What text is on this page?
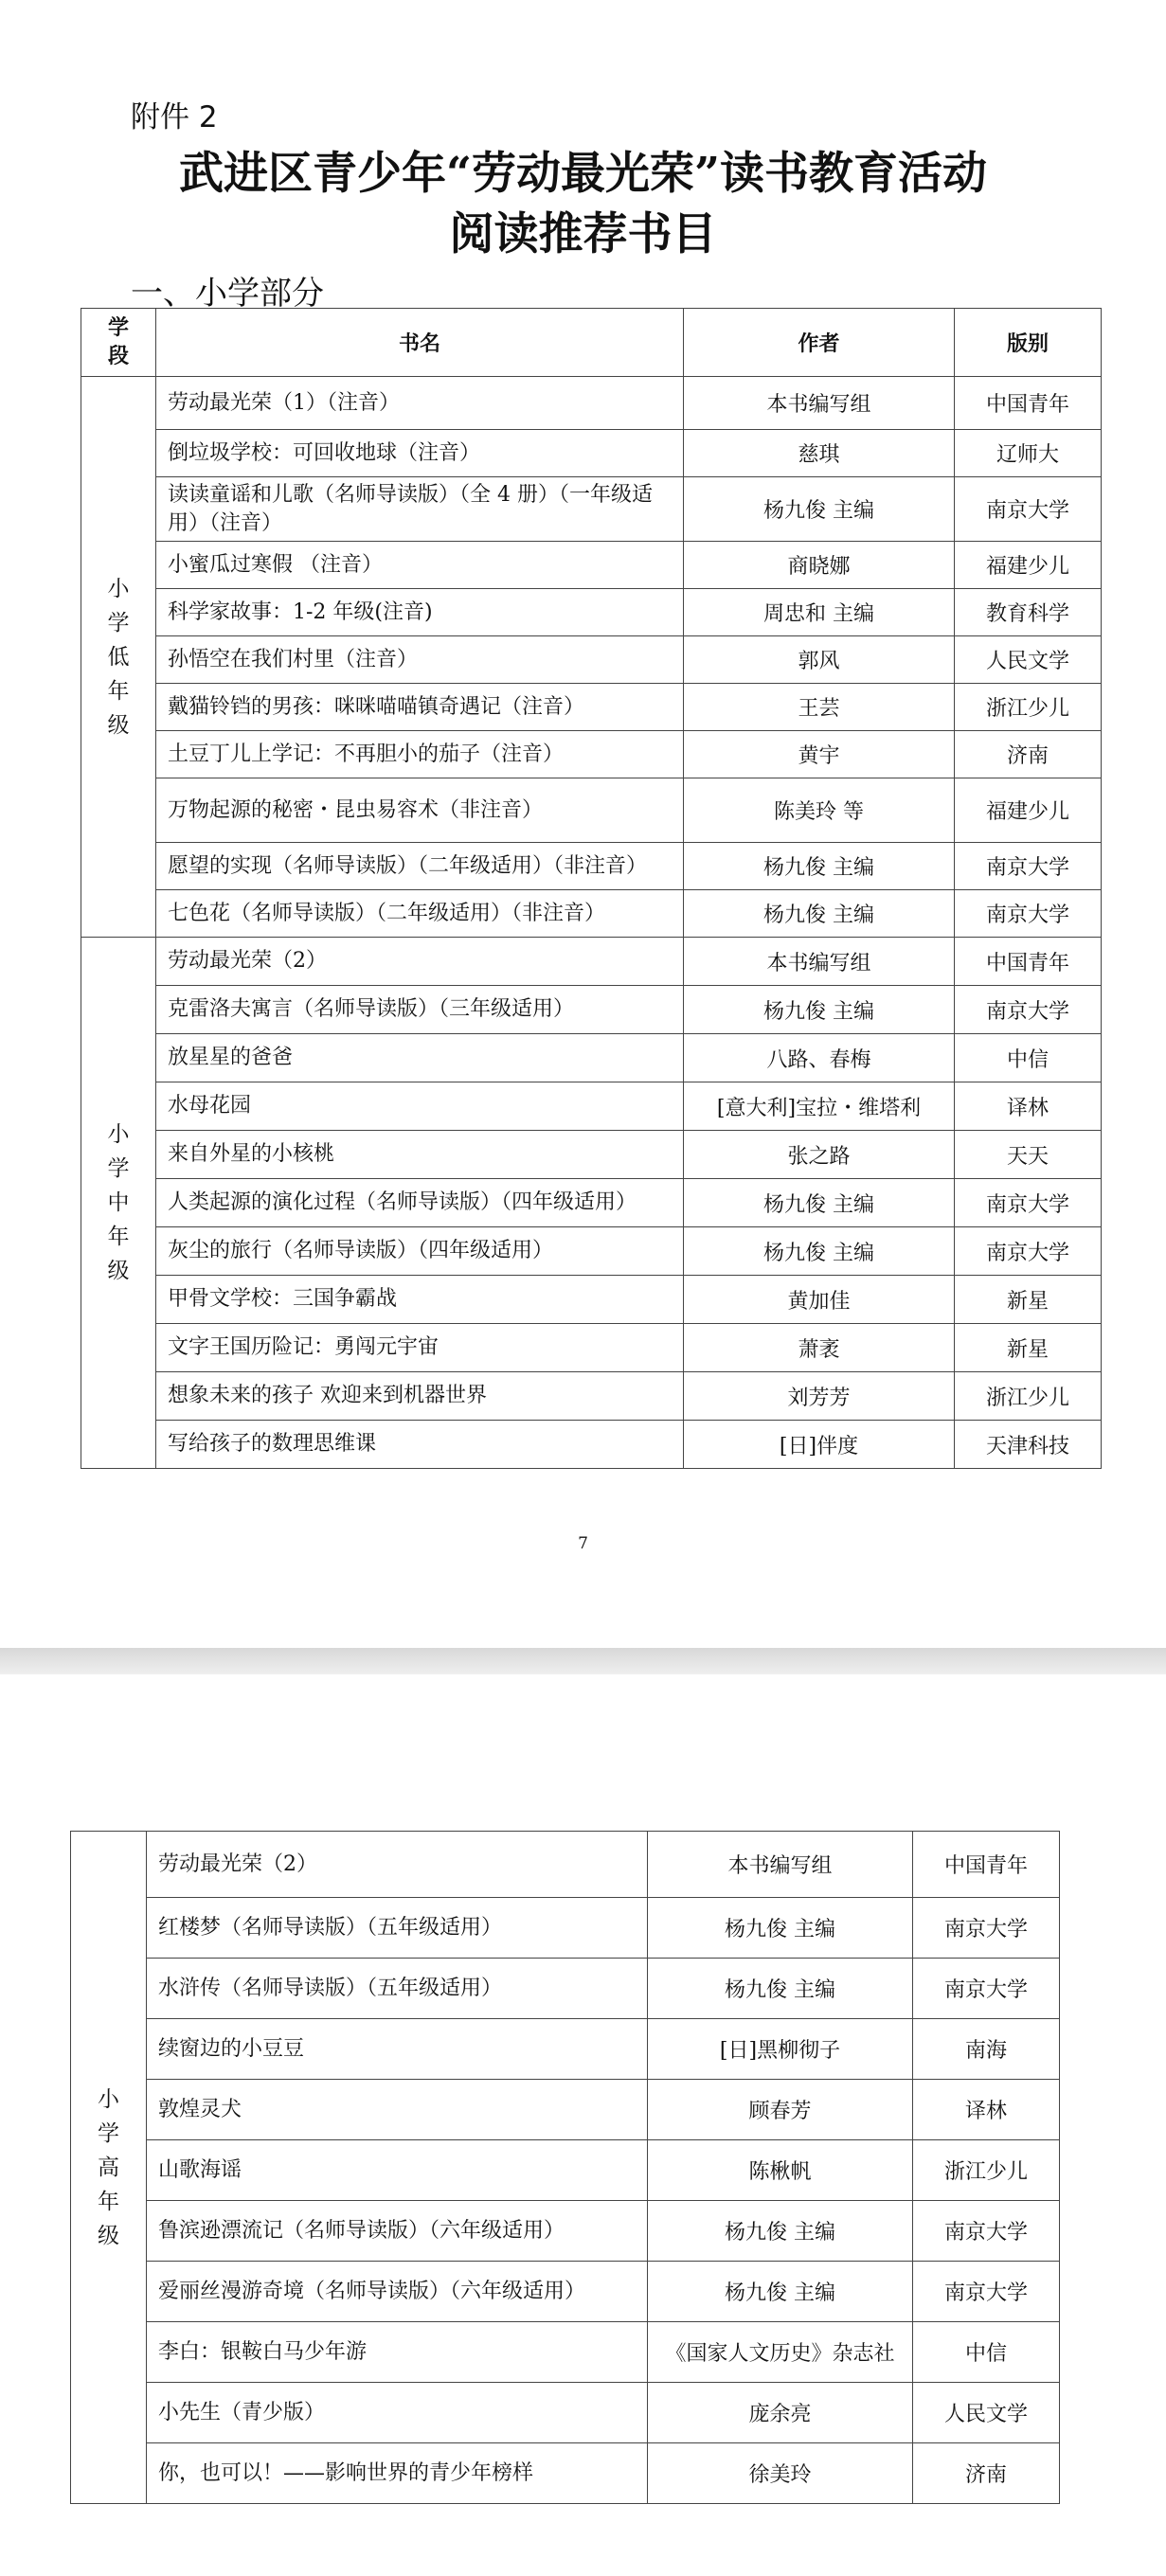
附件 2
武进区青少年“劳动最光荣”读书教育活动
阅读推荐书目
一、小学部分
学段	书名	作者	版别
小学低年级	劳动最光荣（1）（注音）	本书编写组	中国青年
	倒垃圾学校：可回收地球（注音）	慈琪	辽师大
	读读童谣和儿歌（名师导读版）（全 4 册）（一年级适用）（注音）	杨九俊 主编	南京大学
	小蜜瓜过寒假 （注音）	商晓娜	福建少儿
	科学家故事：1-2 年级(注音)	周忠和 主编	教育科学
	孙悟空在我们村里（注音）	郭风	人民文学
	戴猫铃铛的男孩：咪咪喵喵镇奇遇记（注音）	王芸	浙江少儿
	土豆丁儿上学记：不再胆小的茄子（注音）	黄宇	济南
	万物起源的秘密・昆虫易容术（非注音）	陈美玲 等	福建少儿
	愿望的实现（名师导读版）（二年级适用）（非注音）	杨九俊 主编	南京大学
	七色花（名师导读版）（二年级适用）（非注音）	杨九俊 主编	南京大学
小学中年级	劳动最光荣（2）	本书编写组	中国青年
	克雷洛夫寓言（名师导读版）（三年级适用）	杨九俊 主编	南京大学
	放星星的爸爸	八路、春梅	中信
	水母花园	[意大利]宝拉・维塔利	译林
	来自外星的小核桃	张之路	天天
	人类起源的演化过程（名师导读版）（四年级适用）	杨九俊 主编	南京大学
	灰尘的旅行（名师导读版）（四年级适用）	杨九俊 主编	南京大学
	甲骨文学校：三国争霸战	黄加佳	新星
	文字王国历险记：勇闯元宇宙	萧袤	新星
	想象未来的孩子 欢迎来到机器世界	刘芳芳	浙江少儿
	写给孩子的数理思维课	[日]伴度	天津科技
7
小学高年级	劳动最光荣（2）	本书编写组	中国青年
	红楼梦（名师导读版）（五年级适用）	杨九俊 主编	南京大学
	水浒传（名师导读版）（五年级适用）	杨九俊 主编	南京大学
	续窗边的小豆豆	[日]黑柳彻子	南海
	敦煌灵犬	顾春芳	译林
	山歌海谣	陈楸帆	浙江少儿
	鲁滨逊漂流记（名师导读版）（六年级适用）	杨九俊 主编	南京大学
	爱丽丝漫游奇境（名师导读版）（六年级适用）	杨九俊 主编	南京大学
	李白：银鞍白马少年游	《国家人文历史》杂志社	中信
	小先生（青少版）	庞余亮	人民文学
	你，也可以！——影响世界的青少年榜样	徐美玲	济南
